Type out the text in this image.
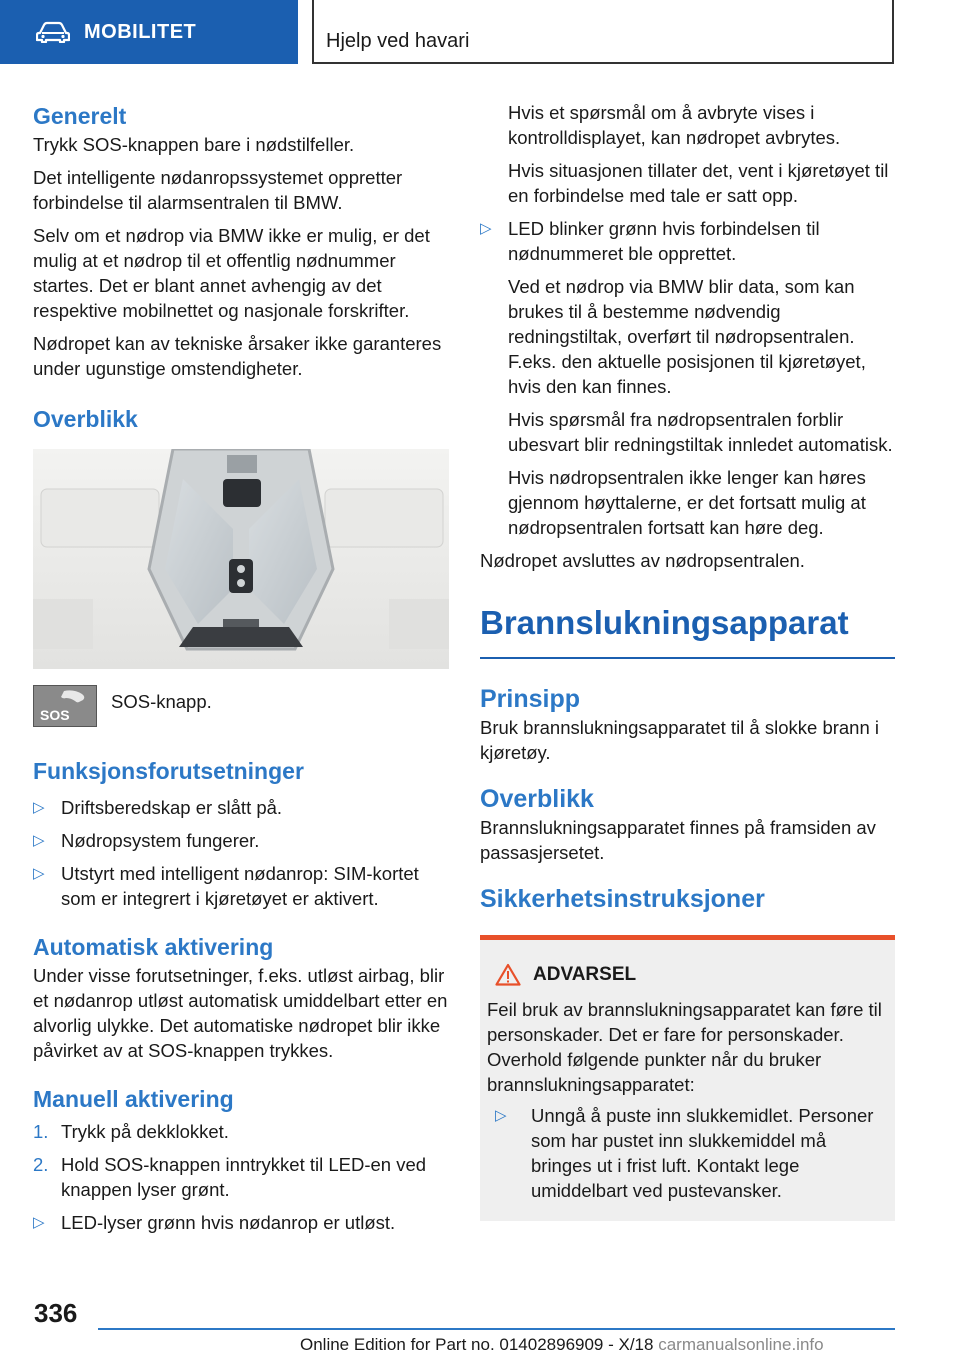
MOBILITET	Hjelp ved havari
Generelt

Trykk SOS-knappen bare i nødstilfeller.

Det intelligente nødanropssystemet oppretter forbindelse til alarmsentralen til BMW.

Selv om et nødrop via BMW ikke er mulig, er det mulig at et nødrop til et offentlig nødnummer startes. Det er blant annet avhengig av det respektive mobilnettet og nasjonale forskrifter.

Nødropet kan av tekniske årsaker ikke garanteres under ugunstige omstendigheter.

Overblikk
SOS
SOS-knapp.
Funksjonsforutsetninger
▷ Driftsberedskap er slått på.
▷ Nødropsystem fungerer.
▷ Utstyrt med intelligent nødanrop: SIM-kortet som er integrert i kjøretøyet er aktivert.
Automatisk aktivering

Under visse forutsetninger, f.eks. utløst airbag, blir et nødanrop utløst automatisk umiddelbart etter en alvorlig ulykke. Det automatiske nødropet blir ikke påvirket av at SOS-knappen trykkes.

Manuell aktivering
1. Trykk på dekklokket.
2. Hold SOS-knappen inntrykket til LED-en ved knappen lyser grønt.
▷ LED-lyser grønn hvis nødanrop er utløst.

Hvis et spørsmål om å avbryte vises i kontrolldisplayet, kan nødropet avbrytes.

Hvis situasjonen tillater det, vent i kjøretøyet til en forbindelse med tale er satt opp.

▷ LED blinker grønn hvis forbindelsen til nødnummeret ble opprettet.

Ved et nødrop via BMW blir data, som kan brukes til å bestemme nødvendig redningstiltak, overført til nødropsentralen. F.eks. den aktuelle posisjonen til kjøretøyet, hvis den kan finnes.

Hvis spørsmål fra nødropsentralen forblir ubesvart blir redningstiltak innledet automatisk.

Hvis nødropsentralen ikke lenger kan høres gjennom høyttalerne, er det fortsatt mulig at nødropsentralen fortsatt kan høre deg.

Nødropet avsluttes av nødropsentralen.

Brannslukningsapparat
Prinsipp

Bruk brannslukningsapparatet til å slokke brann i kjøretøy.

Overblikk

Brannslukningsapparatet finnes på framsiden av passasjersetet.

Sikkerhetsinstruksjoner
ADVARSEL

Feil bruk av brannslukningsapparatet kan føre til personskader. Det er fare for personskader. Overhold følgende punkter når du bruker brannslukningsapparatet:

▷ Unngå å puste inn slukkemidlet. Personer som har pustet inn slukkemiddel må bringes ut i frist luft. Kontakt lege umiddelbart ved pustevansker.
336
Online Edition for Part no. 01402896909 - X/18 carmanualsonline.info
